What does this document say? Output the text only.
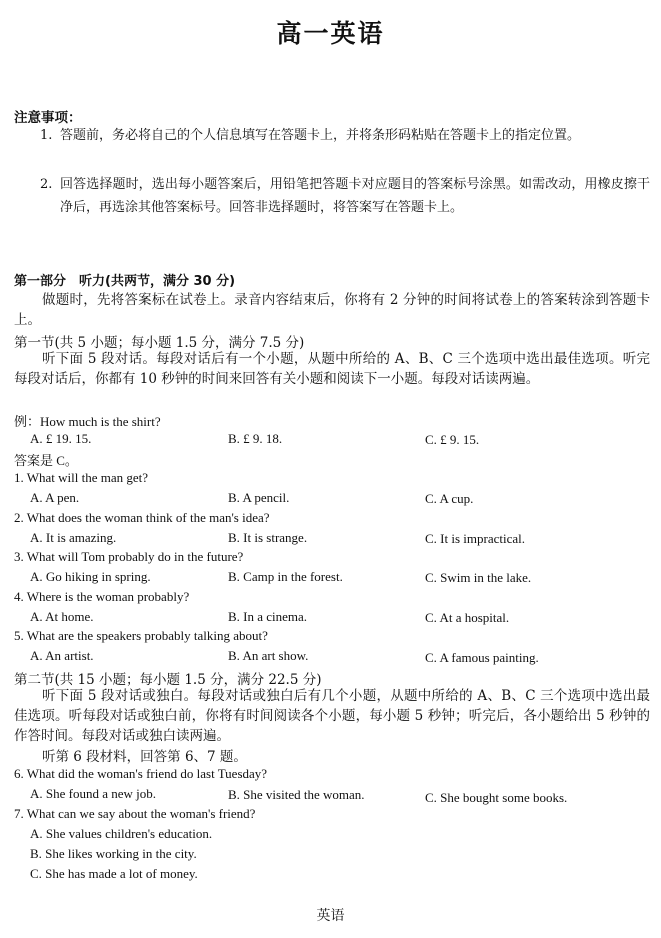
高一英语
注意事项：
1. 答题前，务必将自己的个人信息填写在答题卡上，并将条形码粘贴在答题卡上的指定位置。
2. 回答选择题时，选出每小题答案后，用铅笔把答题卡对应题目的答案标号涂黑。如需改动，用橡皮擦干净后，再选涂其他答案标号。回答非选择题时，将答案写在答题卡上。
第一部分　听力(共两节，满分 30 分)
做题时，先将答案标在试卷上。录音内容结束后，你将有 2 分钟的时间将试卷上的答案转涂到答题卡上。
第一节(共 5 小题；每小题 1.5 分，满分 7.5 分)
听下面 5 段对话。每段对话后有一个小题，从题中所给的 A、B、C 三个选项中选出最佳选项。听完每段对话后，你都有 10 秒钟的时间来回答有关小题和阅读下一小题。每段对话读两遍。
例：How much is the shirt?
A. £ 19. 15.	B. £ 9. 18.	C. £ 9. 15.
答案是 C。
1. What will the man get?
A. A pen.	B. A pencil.	C. A cup.
2. What does the woman think of the man's idea?
A. It is amazing.	B. It is strange.	C. It is impractical.
3. What will Tom probably do in the future?
A. Go hiking in spring.	B. Camp in the forest.	C. Swim in the lake.
4. Where is the woman probably?
A. At home.	B. In a cinema.	C. At a hospital.
5. What are the speakers probably talking about?
A. An artist.	B. An art show.	C. A famous painting.
第二节(共 15 小题；每小题 1.5 分，满分 22.5 分)
听下面 5 段对话或独白。每段对话或独白后有几个小题，从题中所给的 A、B、C 三个选项中选出最佳选项。听每段对话或独白前，你将有时间阅读各个小题，每小题 5 秒钟；听完后，各小题给出 5 秒钟的作答时间。每段对话或独白读两遍。
听第 6 段材料，回答第 6、7 题。
6. What did the woman's friend do last Tuesday?
A. She found a new job.	B. She visited the woman.	C. She bought some books.
7. What can we say about the woman's friend?
A. She values children's education.
B. She likes working in the city.
C. She has made a lot of money.
英语
